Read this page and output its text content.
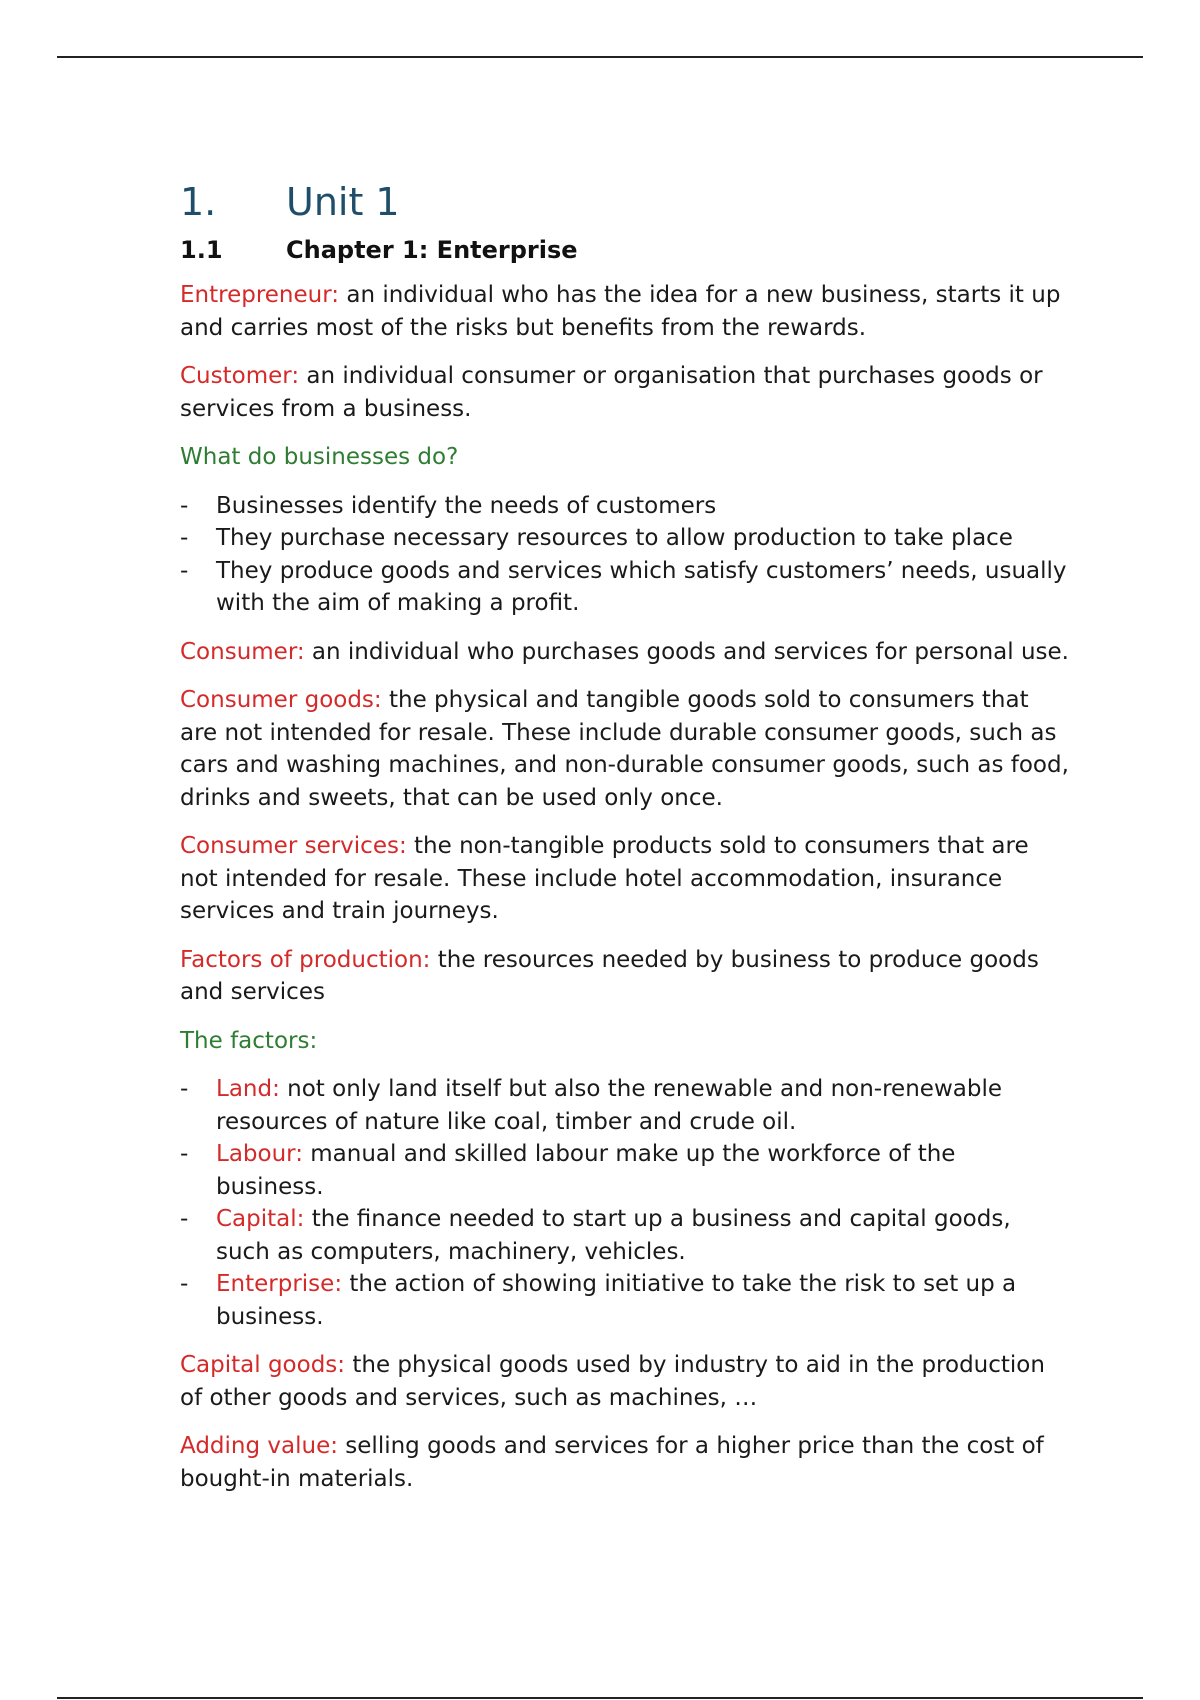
1.	Unit 1
1.1	Chapter 1: Enterprise

Entrepreneur: an individual who has the idea for a new business, starts it up and carries most of the risks but benefits from the rewards.

Customer: an individual consumer or organisation that purchases goods or services from a business.

What do businesses do?
- Businesses identify the needs of customers
- They purchase necessary resources to allow production to take place
- They produce goods and services which satisfy customers’ needs, usually with the aim of making a profit.

Consumer: an individual who purchases goods and services for personal use.

Consumer goods: the physical and tangible goods sold to consumers that are not intended for resale. These include durable consumer goods, such as cars and washing machines, and non-durable consumer goods, such as food, drinks and sweets, that can be used only once.

Consumer services: the non-tangible products sold to consumers that are not intended for resale. These include hotel accommodation, insurance services and train journeys.

Factors of production: the resources needed by business to produce goods and services

The factors:
- Land: not only land itself but also the renewable and non-renewable resources of nature like coal, timber and crude oil.
- Labour: manual and skilled labour make up the workforce of the business.
- Capital: the finance needed to start up a business and capital goods, such as computers, machinery, vehicles.
- Enterprise: the action of showing initiative to take the risk to set up a business.

Capital goods: the physical goods used by industry to aid in the production of other goods and services, such as machines, …

Adding value: selling goods and services for a higher price than the cost of bought-in materials.
